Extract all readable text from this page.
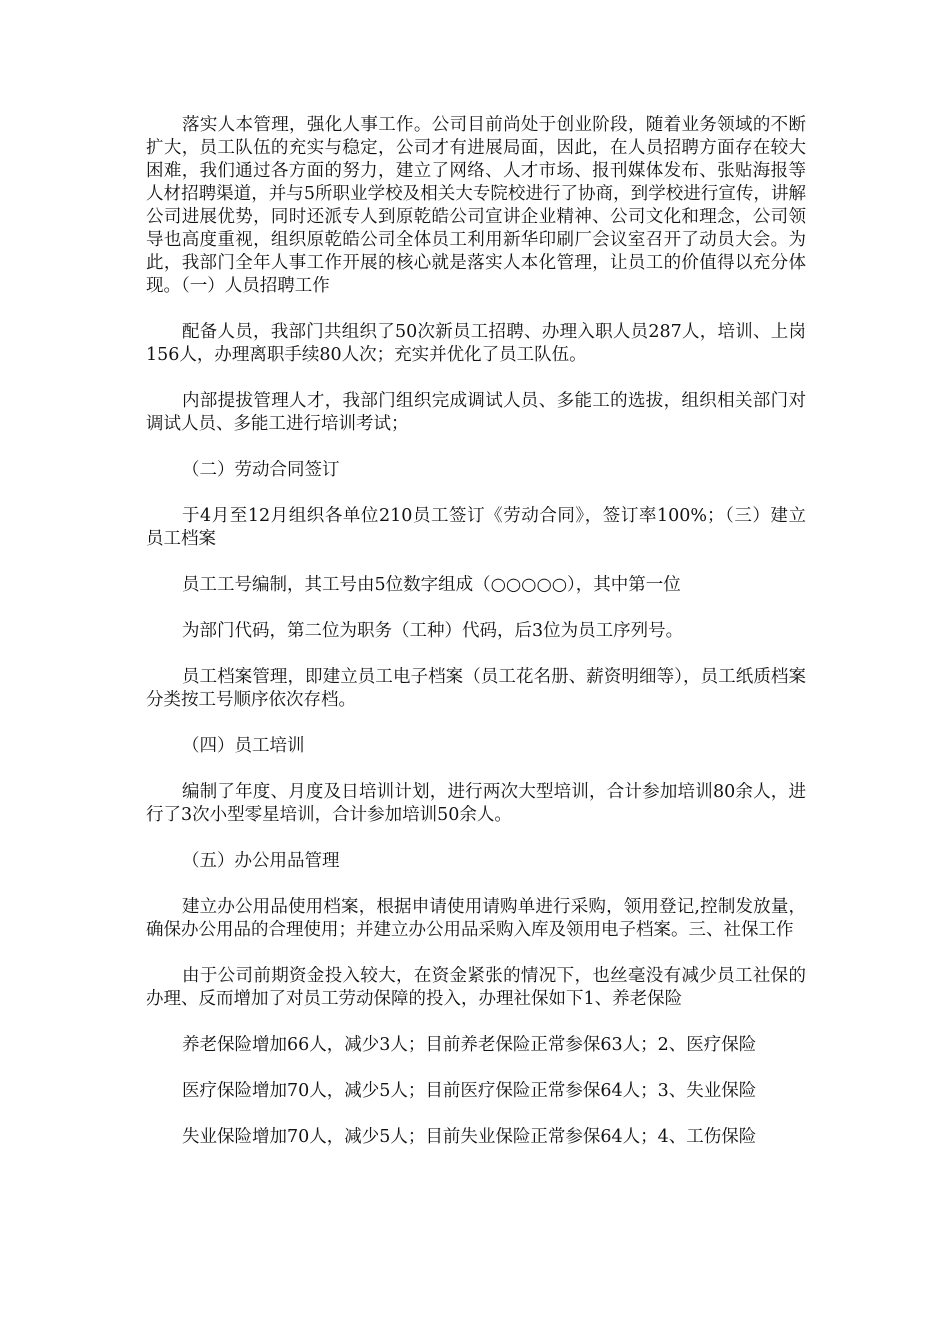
落实人本管理，强化人事工作。公司目前尚处于创业阶段，随着业务领域的不断扩大，员工队伍的充实与稳定，公司才有进展局面，因此，在人员招聘方面存在较大困难，我们通过各方面的努力，建立了网络、人才市场、报刊媒体发布、张贴海报等人材招聘渠道，并与5所职业学校及相关大专院校进行了协商，到学校进行宣传，讲解公司进展优势，同时还派专人到原乾皓公司宣讲企业精神、公司文化和理念，公司领导也高度重视，组织原乾皓公司全体员工利用新华印刷厂会议室召开了动员大会。为此，我部门全年人事工作开展的核心就是落实人本化管理，让员工的价值得以充分体现。（一）人员招聘工作

配备人员，我部门共组织了50次新员工招聘、办理入职人员287人，培训、上岗156人，办理离职手续80人次；充实并优化了员工队伍。

内部提拔管理人才，我部门组织完成调试人员、多能工的选拔，组织相关部门对调试人员、多能工进行培训考试；

（二）劳动合同签订

于4月至12月组织各单位210员工签订《劳动合同》，签订率100%；（三）建立员工档案

员工工号编制，其工号由5位数字组成（○○○○○），其中第一位

为部门代码，第二位为职务（工种）代码，后3位为员工序列号。

员工档案管理，即建立员工电子档案（员工花名册、薪资明细等），员工纸质档案分类按工号顺序依次存档。

（四）员工培训

编制了年度、月度及日培训计划，进行两次大型培训，合计参加培训80余人，进行了3次小型零星培训，合计参加培训50余人。

（五）办公用品管理

建立办公用品使用档案，根据申请使用请购单进行采购，领用登记,控制发放量，确保办公用品的合理使用；并建立办公用品采购入库及领用电子档案。三、社保工作

由于公司前期资金投入较大，在资金紧张的情况下，也丝毫没有减少员工社保的办理、反而增加了对员工劳动保障的投入，办理社保如下1、养老保险

养老保险增加66人，减少3人；目前养老保险正常参保63人；2、医疗保险

医疗保险增加70人，减少5人；目前医疗保险正常参保64人；3、失业保险

失业保险增加70人，减少5人；目前失业保险正常参保64人；4、工伤保险
